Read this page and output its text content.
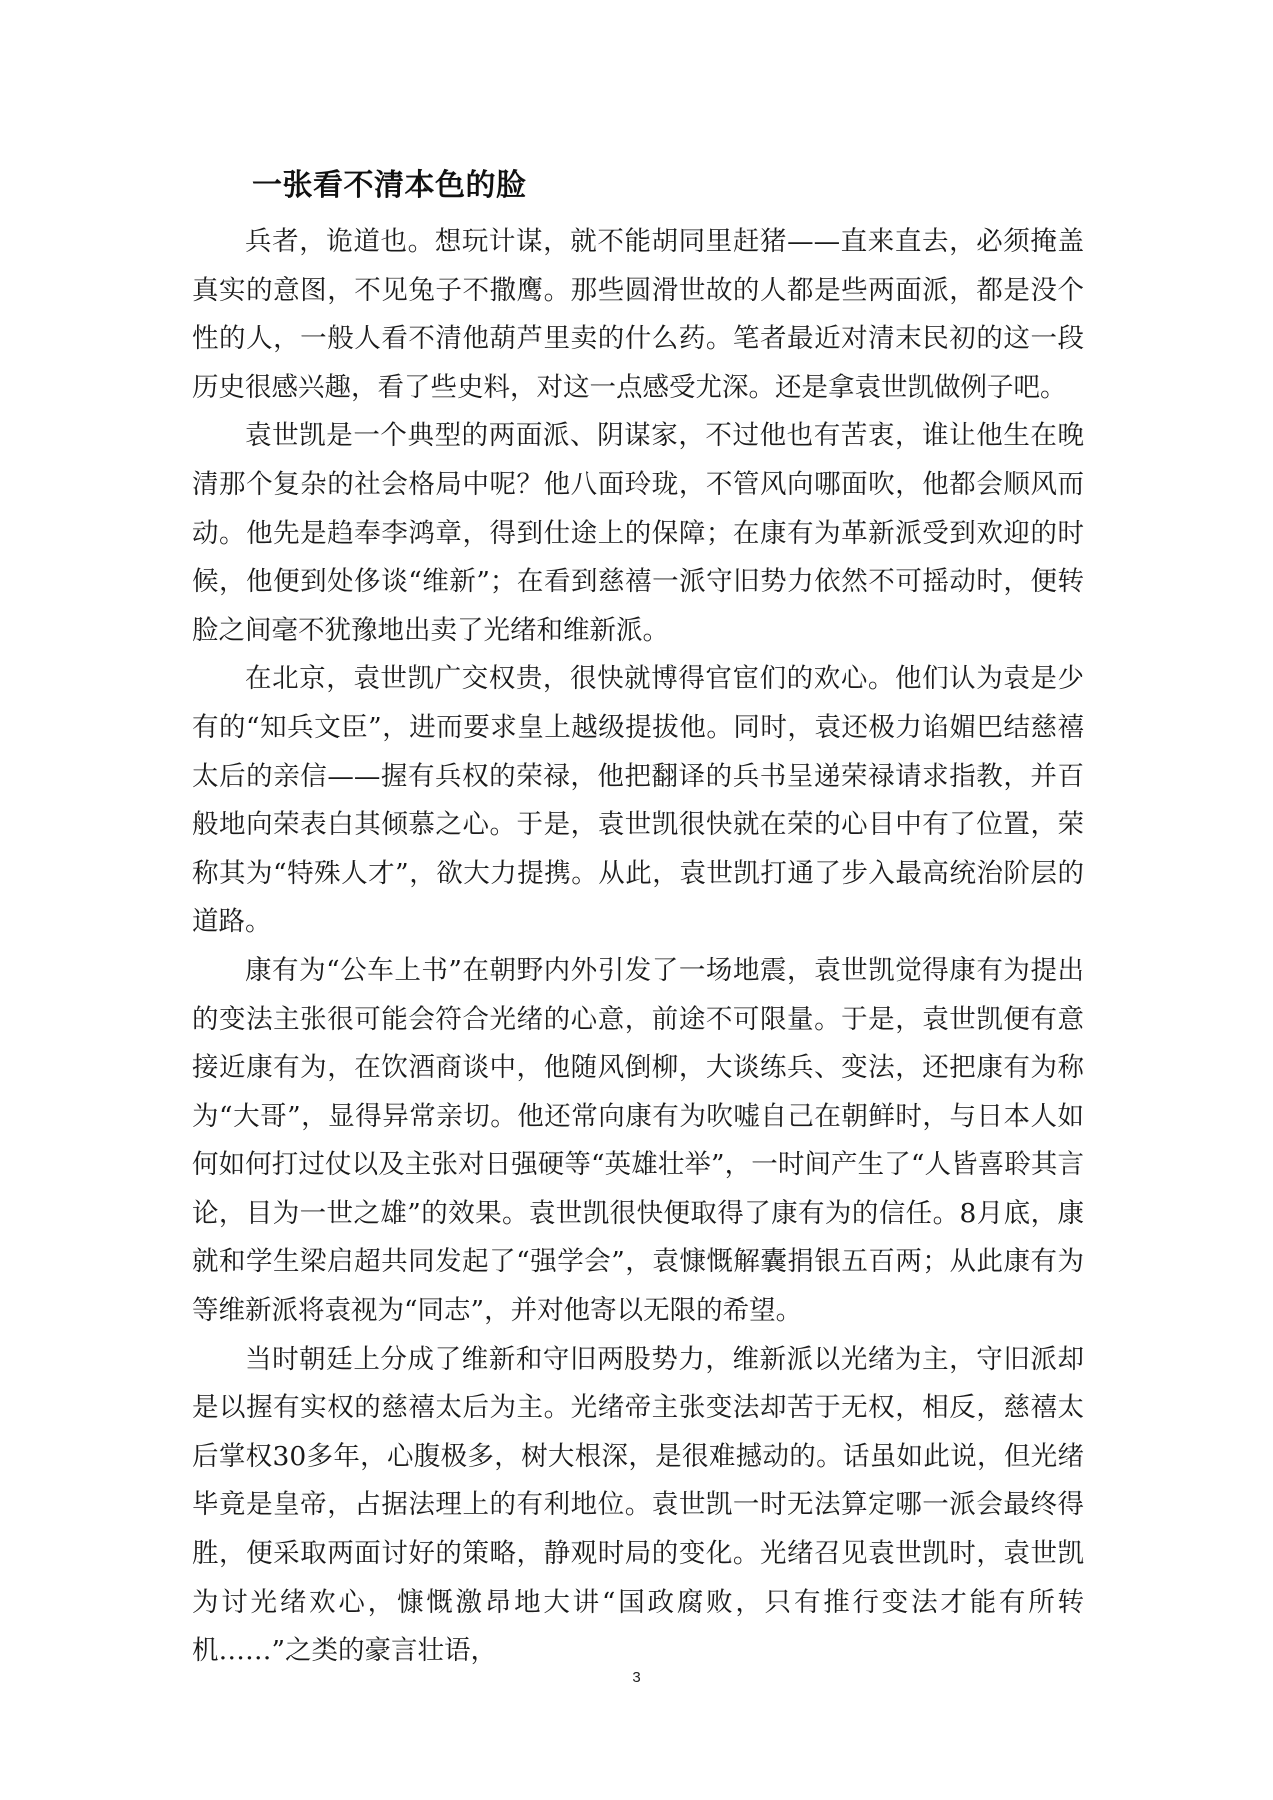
一张看不清本色的脸

兵者，诡道也。想玩计谋，就不能胡同里赶猪——直来直去，必须掩盖真实的意图，不见兔子不撒鹰。那些圆滑世故的人都是些两面派，都是没个性的人，一般人看不清他葫芦里卖的什么药。笔者最近对清末民初的这一段历史很感兴趣，看了些史料，对这一点感受尤深。还是拿袁世凯做例子吧。

袁世凯是一个典型的两面派、阴谋家，不过他也有苦衷，谁让他生在晚清那个复杂的社会格局中呢？他八面玲珑，不管风向哪面吹，他都会顺风而动。他先是趋奉李鸿章，得到仕途上的保障；在康有为革新派受到欢迎的时候，他便到处侈谈“维新”；在看到慈禧一派守旧势力依然不可摇动时，便转脸之间毫不犹豫地出卖了光绪和维新派。

在北京，袁世凯广交权贵，很快就博得官宦们的欢心。他们认为袁是少有的“知兵文臣”，进而要求皇上越级提拔他。同时，袁还极力谄媚巴结慈禧太后的亲信——握有兵权的荣禄，他把翻译的兵书呈递荣禄请求指教，并百般地向荣表白其倾慕之心。于是，袁世凯很快就在荣的心目中有了位置，荣称其为“特殊人才”，欲大力提携。从此，袁世凯打通了步入最高统治阶层的道路。

康有为“公车上书”在朝野内外引发了一场地震，袁世凯觉得康有为提出的变法主张很可能会符合光绪的心意，前途不可限量。于是，袁世凯便有意接近康有为，在饮酒商谈中，他随风倒柳，大谈练兵、变法，还把康有为称为“大哥”，显得异常亲切。他还常向康有为吹嘘自己在朝鲜时，与日本人如何如何打过仗以及主张对日强硬等“英雄壮举”，一时间产生了“人皆喜聆其言论，目为一世之雄”的效果。袁世凯很快便取得了康有为的信任。8月底，康就和学生梁启超共同发起了“强学会”，袁慷慨解囊捐银五百两；从此康有为等维新派将袁视为“同志”，并对他寄以无限的希望。

当时朝廷上分成了维新和守旧两股势力，维新派以光绪为主，守旧派却是以握有实权的慈禧太后为主。光绪帝主张变法却苦于无权，相反，慈禧太后掌权30多年，心腹极多，树大根深，是很难撼动的。话虽如此说，但光绪毕竟是皇帝，占据法理上的有利地位。袁世凯一时无法算定哪一派会最终得胜，便采取两面讨好的策略，静观时局的变化。光绪召见袁世凯时，袁世凯为讨光绪欢心，慷慨激昂地大讲“国政腐败，只有推行变法才能有所转机……”之类的豪言壮语，

3
